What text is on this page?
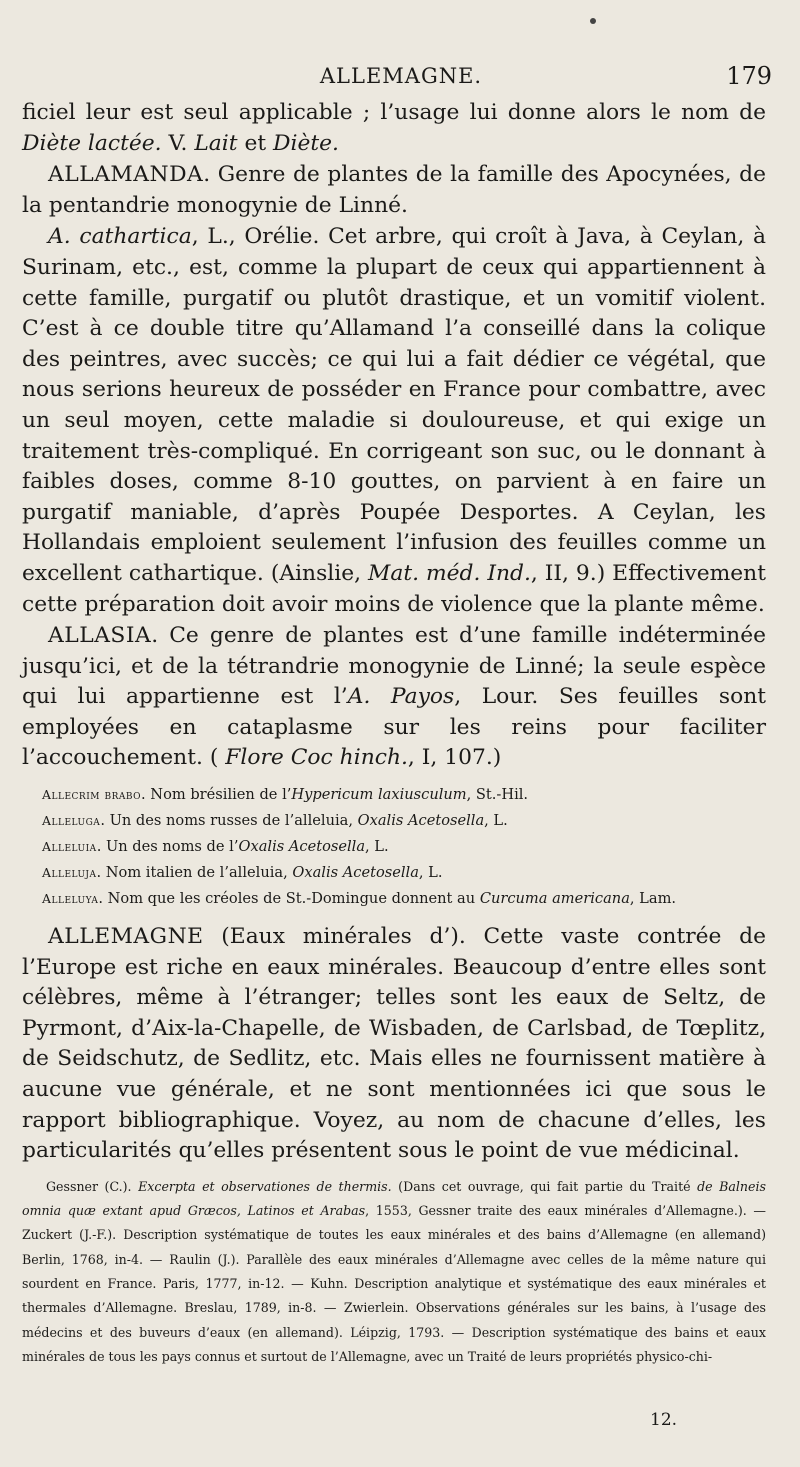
ALLEMAGNE.	179

ficiel leur est seul applicable ; l’usage lui donne alors le nom de Diète lactée. V. Lait et Diète.

ALLAMANDA. Genre de plantes de la famille des Apocynées, de la pentandrie monogynie de Linné.

A. cathartica, L., Orélie. Cet arbre, qui croît à Java, à Ceylan, à Surinam, etc., est, comme la plupart de ceux qui appartiennent à cette famille, purgatif ou plutôt drastique, et un vomitif violent. C’est à ce double titre qu’Allamand l’a conseillé dans la colique des peintres, avec succès; ce qui lui a fait dédier ce végétal, que nous serions heureux de posséder en France pour combattre, avec un seul moyen, cette maladie si douloureuse, et qui exige un traitement très-compliqué. En corrigeant son suc, ou le donnant à faibles doses, comme 8-10 gouttes, on parvient à en faire un purgatif maniable, d’après Poupée Desportes. A Ceylan, les Hollandais emploient seulement l’infusion des feuilles comme un excellent cathartique. (Ainslie, Mat. méd. Ind., II, 9.) Effectivement cette préparation doit avoir moins de violence que la plante même.

ALLASIA. Ce genre de plantes est d’une famille indéterminée jusqu’ici, et de la tétrandrie monogynie de Linné; la seule espèce qui lui appartienne est l’A. Payos, Lour. Ses feuilles sont employées en cataplasme sur les reins pour faciliter l’accouchement. ( Flore Coc hinch., I, 107.)

Allecrim brabo. Nom brésilien de l’Hypericum laxiusculum, St.-Hil.

Alleluga. Un des noms russes de l’alleluia, Oxalis Acetosella, L.

Alleluia. Un des noms de l’Oxalis Acetosella, L.

Alleluja. Nom italien de l’alleluia, Oxalis Acetosella, L.

Alleluya. Nom que les créoles de St.-Domingue donnent au Curcuma americana, Lam.

ALLEMAGNE (Eaux minérales d’). Cette vaste contrée de l’Europe est riche en eaux minérales. Beaucoup d’entre elles sont célèbres, même à l’étranger; telles sont les eaux de Seltz, de Pyrmont, d’Aix-la-Chapelle, de Wisbaden, de Carlsbad, de Tœplitz, de Seidschutz, de Sedlitz, etc. Mais elles ne fournissent matière à aucune vue générale, et ne sont mentionnées ici que sous le rapport bibliographique. Voyez, au nom de chacune d’elles, les particularités qu’elles présentent sous le point de vue médicinal.

Gessner (C.). Excerpta et observationes de thermis. (Dans cet ouvrage, qui fait partie du Traité de Balneis omnia quæ extant apud Græcos, Latinos et Arabas, 1553, Gessner traite des eaux minérales d’Allemagne.). — Zuckert (J.-F.). Description systématique de toutes les eaux minérales et des bains d’Allemagne (en allemand) Berlin, 1768, in-4. — Raulin (J.). Parallèle des eaux minérales d’Allemagne avec celles de la même nature qui sourdent en France. Paris, 1777, in-12. — Kuhn. Description analytique et systématique des eaux minérales et thermales d’Allemagne. Breslau, 1789, in-8. — Zwierlein. Observations générales sur les bains, à l’usage des médecins et des buveurs d’eaux (en allemand). Léipzig, 1793. — Description systématique des bains et eaux minérales de tous les pays connus et surtout de l’Allemagne, avec un Traité de leurs propriétés physico-chi-

12.
